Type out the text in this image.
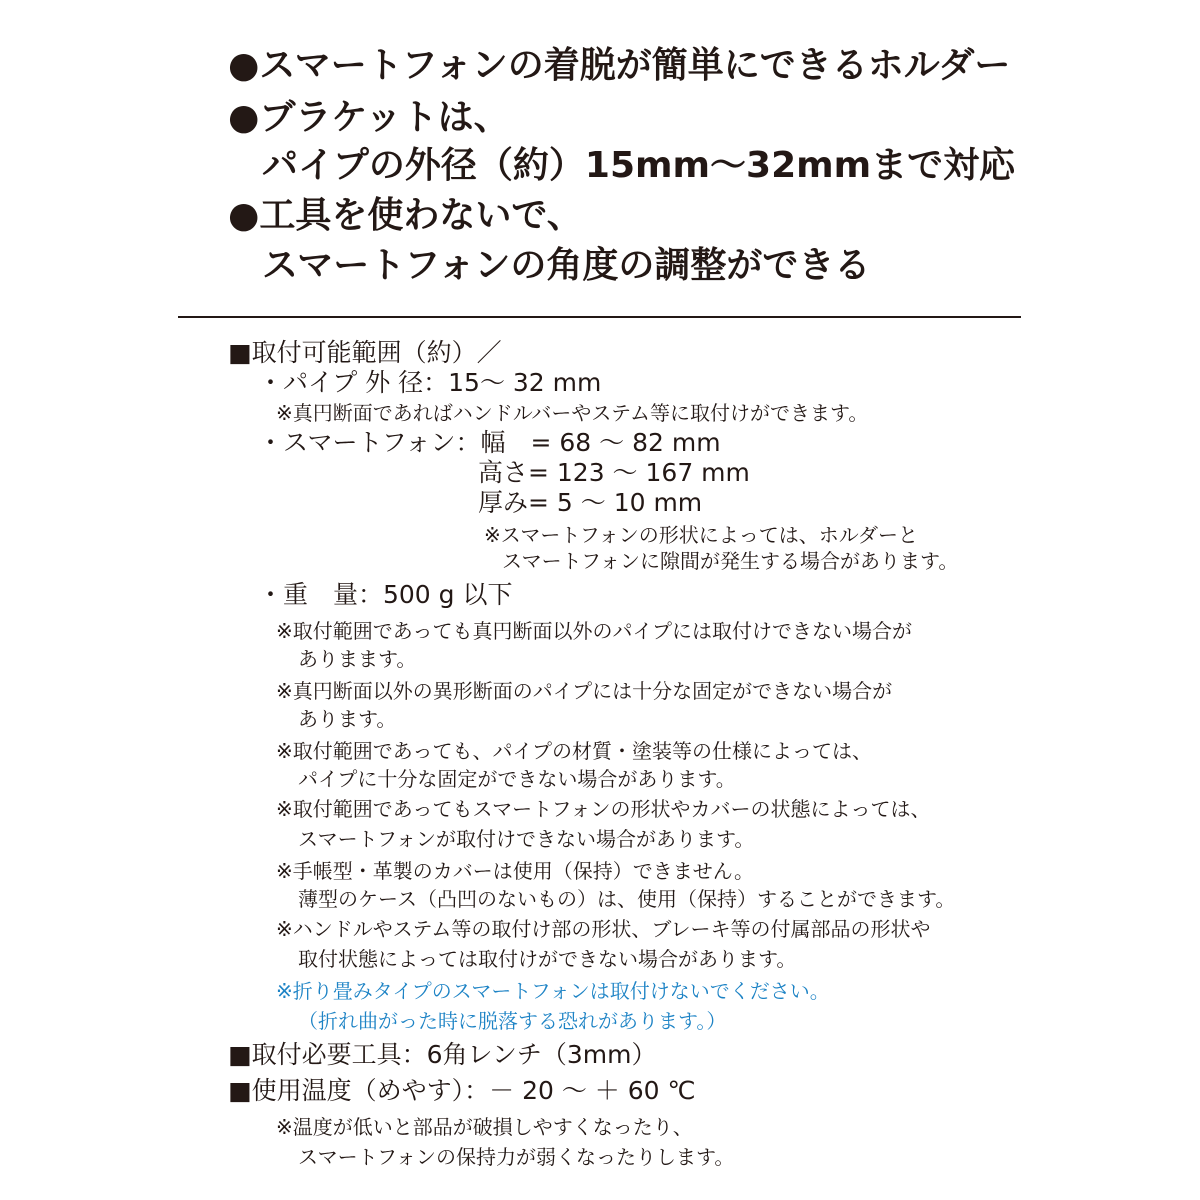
●スマートフォンの着脱が簡単にできるホルダー
●ブラケットは、
パイプの外径（約）15mm〜32mmまで対応
●工具を使わないで、
スマートフォンの角度の調整ができる
■取付可能範囲（約）／
・パイプ 外 径：15〜 32 mm
※真円断面であればハンドルバーやステム等に取付けができます。
・スマートフォン：幅　= 68 〜 82 mm
高さ= 123 〜 167 mm
厚み= 5 〜 10 mm
※スマートフォンの形状によっては、ホルダーと
スマートフォンに隙間が発生する場合があります。
・重　量：500 g 以下
※取付範囲であっても真円断面以外のパイプには取付けできない場合が
ありまます。
※真円断面以外の異形断面のパイプには十分な固定ができない場合が
あります。
※取付範囲であっても、パイプの材質・塗装等の仕様によっては、
パイプに十分な固定ができない場合があります。
※取付範囲であってもスマートフォンの形状やカバーの状態によっては、
スマートフォンが取付けできない場合があります。
※手帳型・革製のカバーは使用（保持）できません。
薄型のケース（凸凹のないもの）は、使用（保持）することができます。
※ハンドルやステム等の取付け部の形状、ブレーキ等の付属部品の形状や
取付状態によっては取付けができない場合があります。
※折り畳みタイプのスマートフォンは取付けないでください。
（折れ曲がった時に脱落する恐れがあります。）
■取付必要工具：6角レンチ（3mm）
■使用温度（めやす）：－ 20 〜 ＋ 60 ℃
※温度が低いと部品が破損しやすくなったり、
スマートフォンの保持力が弱くなったりします。
